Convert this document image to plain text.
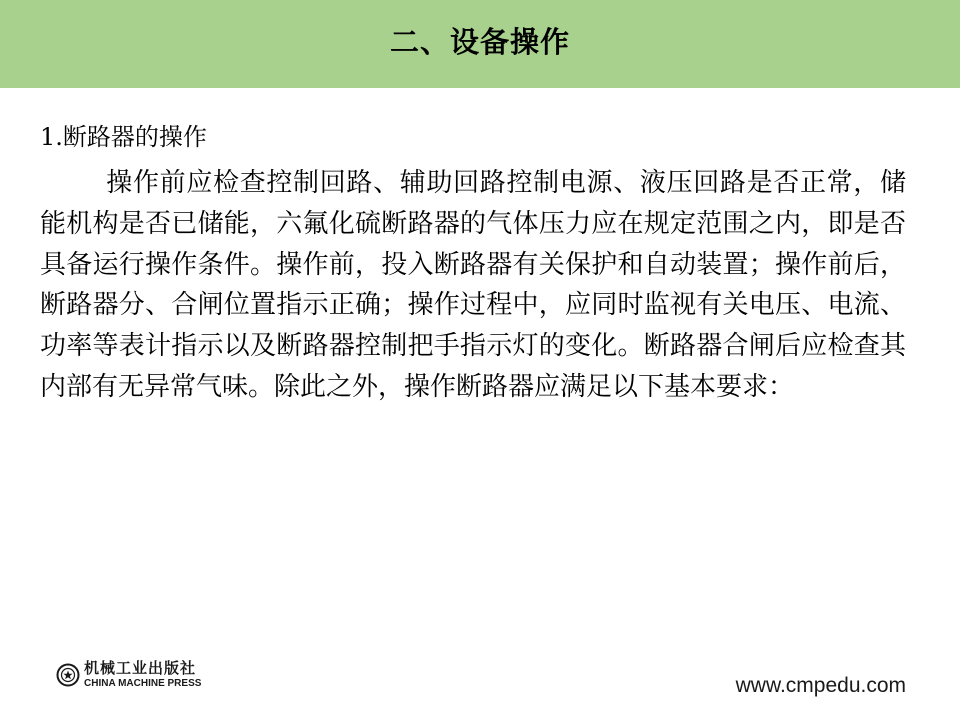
二、设备操作
1.断路器的操作

操作前应检查控制回路、辅助回路控制电源、液压回路是否正常，储能机构是否已储能，六氟化硫断路器的气体压力应在规定范围之内，即是否具备运行操作条件。操作前，投入断路器有关保护和自动装置；操作前后，断路器分、合闸位置指示正确；操作过程中，应同时监视有关电压、电流、功率等表计指示以及断路器控制把手指示灯的变化。断路器合闸后应检查其内部有无异常气味。除此之外，操作断路器应满足以下基本要求：

机械工业出版社
CHINA MACHINE PRESS	www.cmpedu.com
